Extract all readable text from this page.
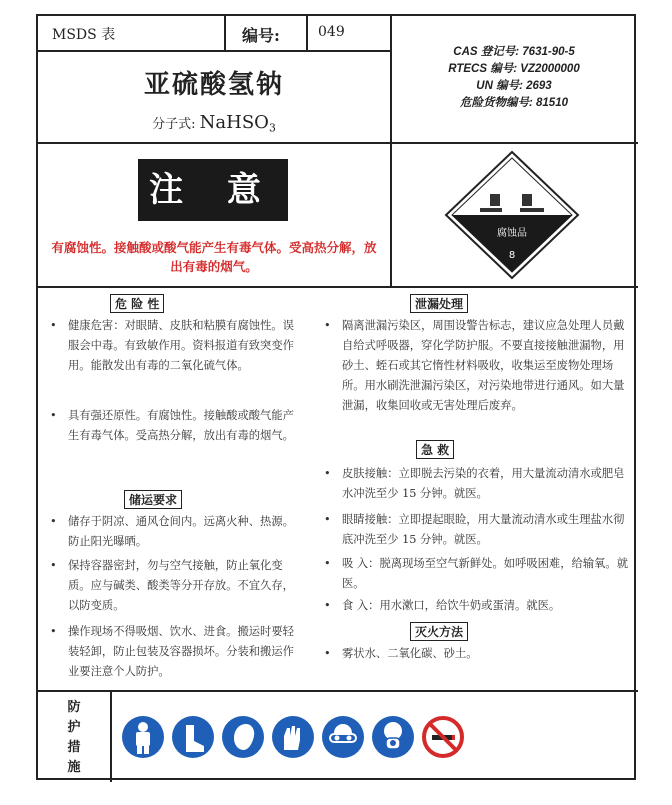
MSDS 表	编号:	049
亚硫酸氢钠
分子式: NaHSO$_3$
CAS 登记号: 7631-90-5
RTECS 编号: VZ2000000
UN 编号: 2693
危险货物编号: 81510
注 意
有腐蚀性。接触酸或酸气能产生有毒气体。受高热分解，放出有毒的烟气。
腐蚀品
8
危 险 性
• 健康危害：对眼睛、皮肤和粘膜有腐蚀性。误服会中毒。有致敏作用。资料报道有致突变作用。能散发出有毒的二氧化硫气体。
• 具有强还原性。有腐蚀性。接触酸或酸气能产生有毒气体。受高热分解，放出有毒的烟气。
储运要求
• 储存于阴凉、通风仓间内。远离火种、热源。防止阳光曝晒。
• 保持容器密封，勿与空气接触，防止氧化变质。应与碱类、酸类等分开存放。不宜久存，以防变质。
• 操作现场不得吸烟、饮水、进食。搬运时要轻装轻卸，防止包装及容器损坏。分装和搬运作业要注意个人防护。
泄漏处理
• 隔离泄漏污染区，周围设警告标志，建议应急处理人员戴自给式呼吸器，穿化学防护服。不要直接接触泄漏物，用砂土、蛭石或其它惰性材料吸收，收集运至废物处理场所。用水刷洗泄漏污染区，对污染地带进行通风。如大量泄漏，收集回收或无害处理后废弃。
急 救
• 皮肤接触：立即脱去污染的衣着，用大量流动清水或肥皂水冲洗至少 15 分钟。就医。
• 眼睛接触：立即提起眼睑，用大量流动清水或生理盐水彻底冲洗至少 15 分钟。就医。
• 吸 入：脱离现场至空气新鲜处。如呼吸困难，给输氧。就医。
• 食 入：用水漱口，给饮牛奶或蛋清。就医。
灭火方法
• 雾状水、二氧化碳、砂土。
防
护
措
施
